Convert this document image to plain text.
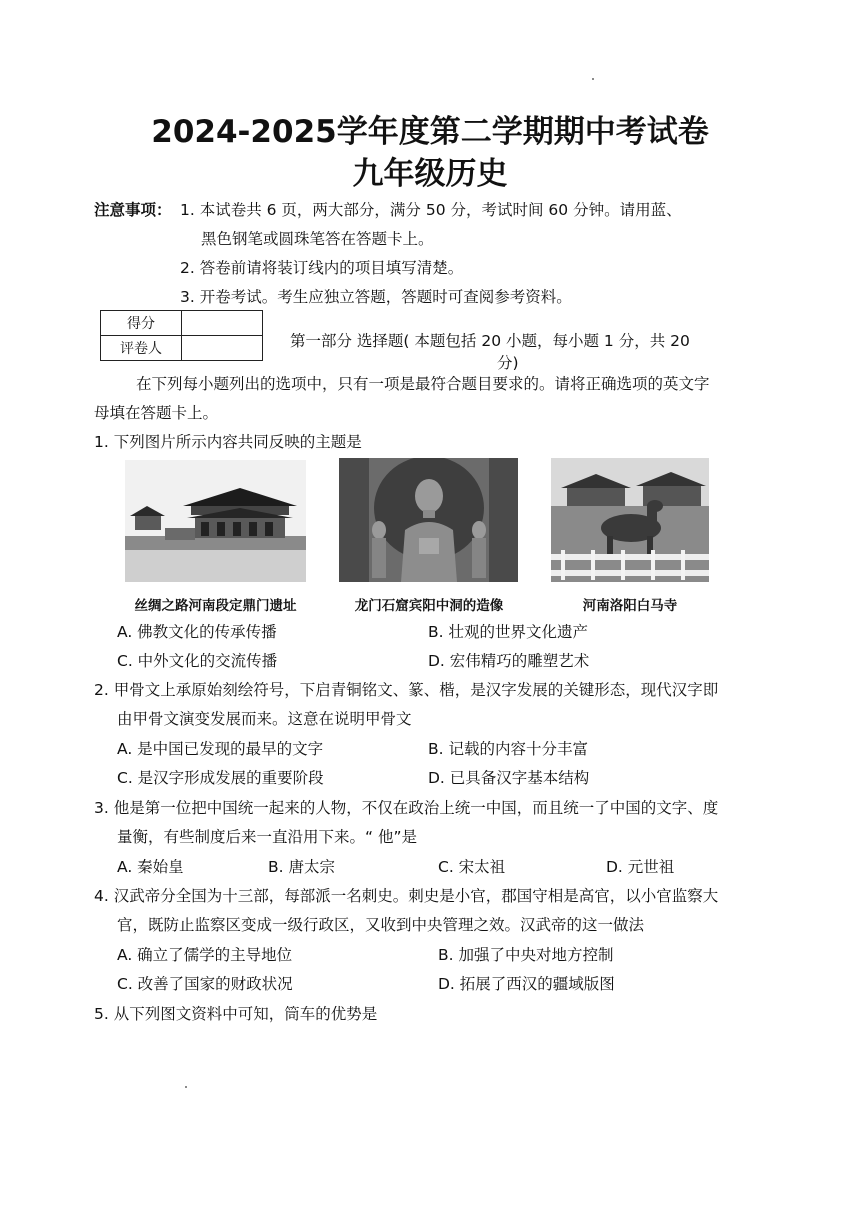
2024-2025学年度第二学期期中考试卷
九年级历史
注意事项： 1. 本试卷共 6 页，两大部分，满分 50 分，考试时间 60 分钟。请用蓝、
黑色钢笔或圆珠笔答在答题卡上。
2. 答卷前请将装订线内的项目填写清楚。
3. 开卷考试。考生应独立答题，答题时可查阅参考资料。
得分	
评卷人		第一部分 选择题( 本题包括 20 小题，每小题 1 分，共 20
分)
在下列每小题列出的选项中，只有一项是最符合题目要求的。请将正确选项的英文字
母填在答题卡上。
1. 下列图片所示内容共同反映的主题是
丝绸之路河南段定鼎门遗址	龙门石窟宾阳中洞的造像	河南洛阳白马寺
A. 佛教文化的传承传播	B. 壮观的世界文化遗产
C. 中外文化的交流传播	D. 宏伟精巧的雕塑艺术
2. 甲骨文上承原始刻绘符号，下启青铜铭文、篆、楷，是汉字发展的关键形态，现代汉字即
由甲骨文演变发展而来。这意在说明甲骨文
A. 是中国已发现的最早的文字	B. 记载的内容十分丰富
C. 是汉字形成发展的重要阶段	D. 已具备汉字基本结构
3. 他是第一位把中国统一起来的人物，不仅在政治上统一中国，而且统一了中国的文字、度
量衡，有些制度后来一直沿用下来。“ 他”是
A. 秦始皇	B. 唐太宗	C. 宋太祖	D. 元世祖
4. 汉武帝分全国为十三部，每部派一名刺史。刺史是小官，郡国守相是高官，以小官监察大
官，既防止监察区变成一级行政区，又收到中央管理之效。汉武帝的这一做法
A. 确立了儒学的主导地位	B. 加强了中央对地方控制
C. 改善了国家的财政状况	D. 拓展了西汉的疆域版图
5. 从下列图文资料中可知，筒车的优势是
